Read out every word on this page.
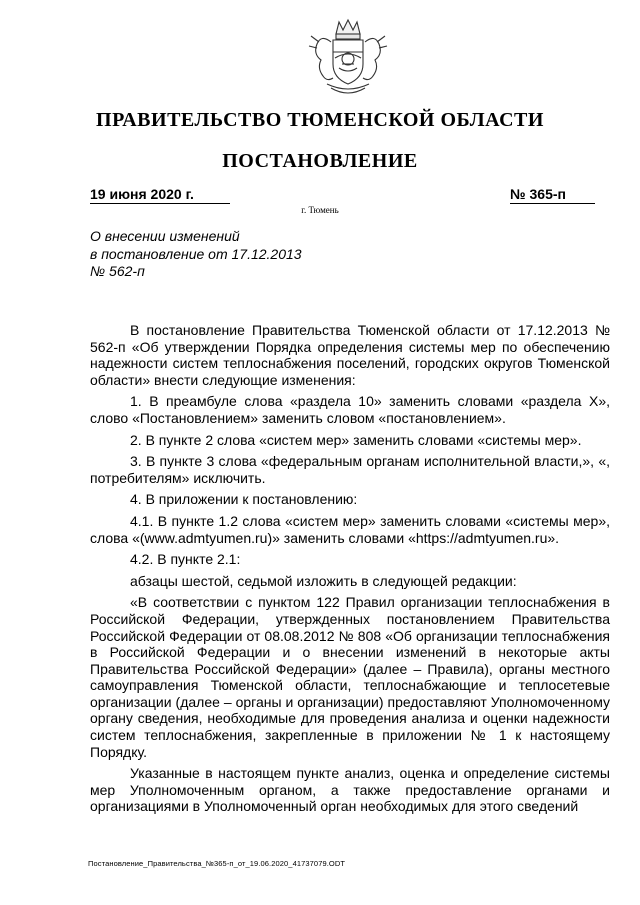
ПРАВИТЕЛЬСТВО ТЮМЕНСКОЙ ОБЛАСТИ
ПОСТАНОВЛЕНИЕ
19 июня 2020 г.	№ 365-п
г. Тюмень
О внесении изменений
в постановление от 17.12.2013
№ 562-п

В постановление Правительства Тюменской области от 17.12.2013 № 562-п «Об утверждении Порядка определения системы мер по обеспечению надежности систем теплоснабжения поселений, городских округов Тюменской области» внести следующие изменения:

1. В преамбуле слова «раздела 10» заменить словами «раздела X», слово «Постановлением» заменить словом «постановлением».

2. В пункте 2 слова «систем мер» заменить словами «системы мер».

3. В пункте 3 слова «федеральным органам исполнительной власти,», «, потребителям» исключить.

4. В приложении к постановлению:

4.1. В пункте 1.2 слова «систем мер» заменить словами «системы мер», слова «(www.admtyumen.ru)» заменить словами «https://admtyumen.ru».

4.2. В пункте 2.1:

абзацы шестой, седьмой изложить в следующей редакции:

«В соответствии с пунктом 122 Правил организации теплоснабжения в Российской Федерации, утвержденных постановлением Правительства Российской Федерации от 08.08.2012 № 808 «Об организации теплоснабжения в Российской Федерации и о внесении изменений в некоторые акты Правительства Российской Федерации» (далее – Правила), органы местного самоуправления Тюменской области, теплоснабжающие и теплосетевые организации (далее – органы и организации) предоставляют Уполномоченному органу сведения, необходимые для проведения анализа и оценки надежности систем теплоснабжения, закрепленные в приложении № 1 к настоящему Порядку.

Указанные в настоящем пункте анализ, оценка и определение системы мер Уполномоченным органом, а также предоставление органами и организациями в Уполномоченный орган необходимых для этого сведений

Постановление_Правительства_№365-п_от_19.06.2020_41737079.ODT
